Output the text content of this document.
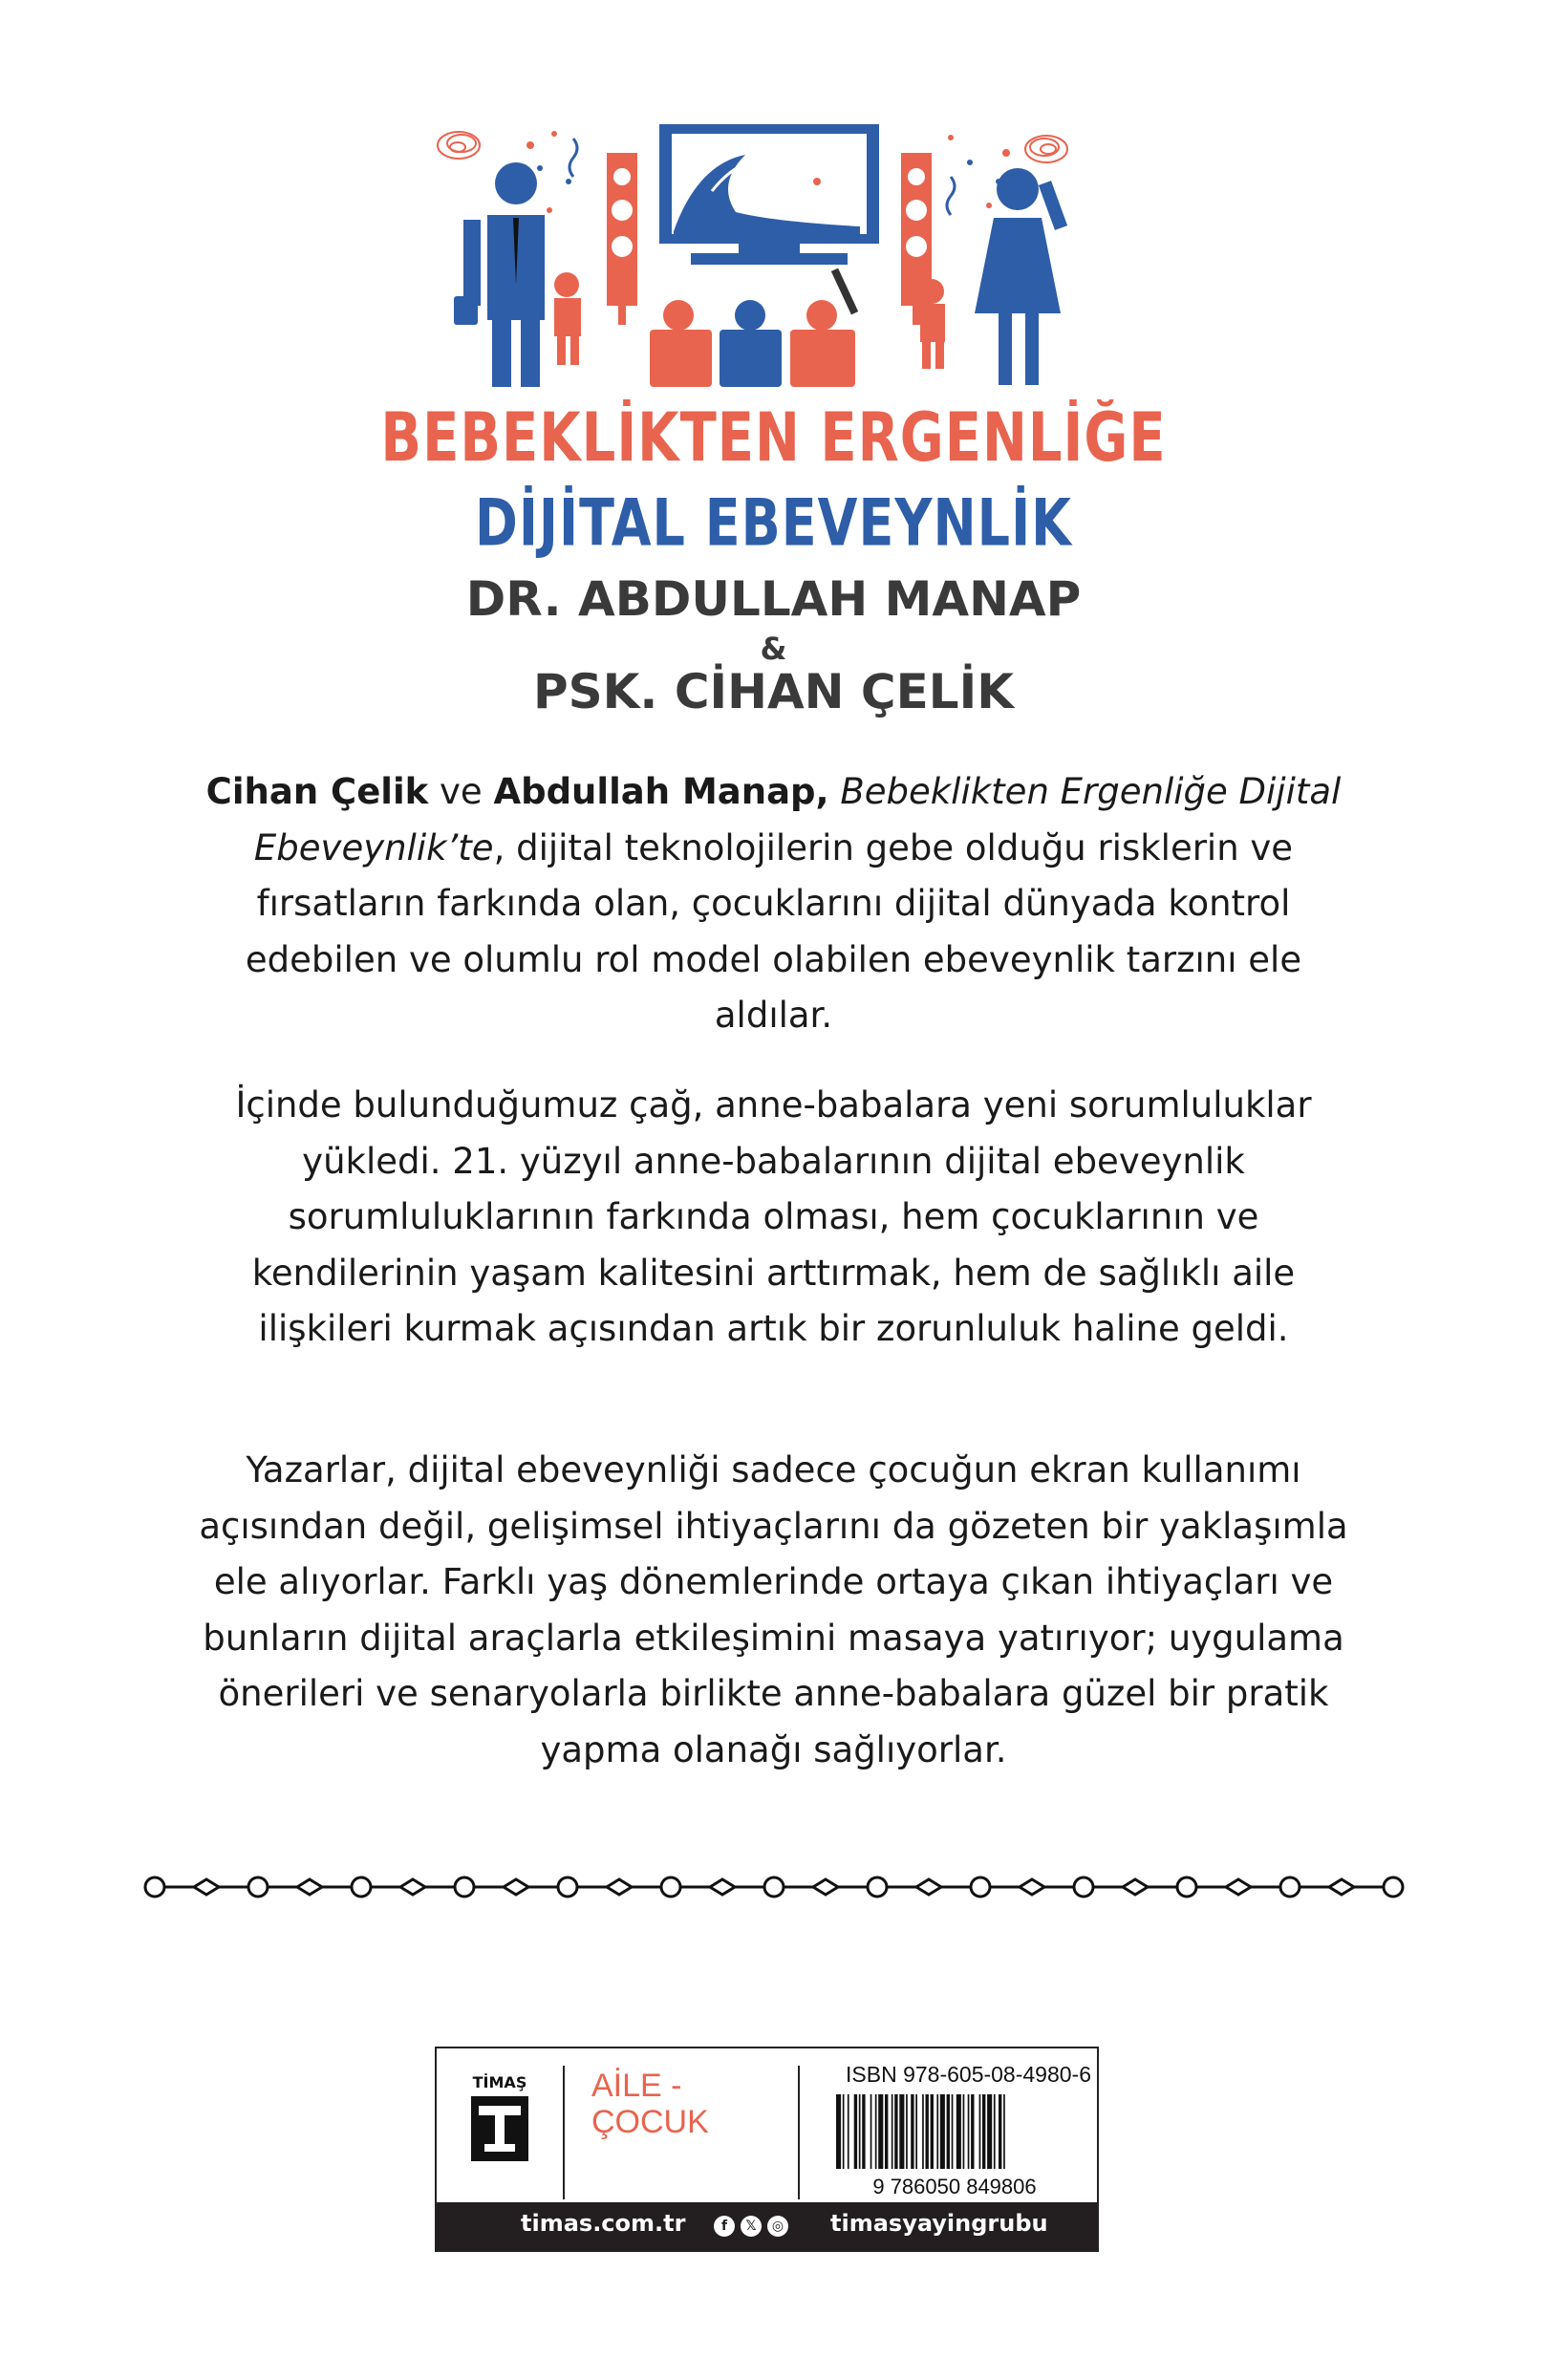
BEBEKLİKTEN ERGENLİĞE
DİJİTAL EBEVEYNLİK
DR. ABDULLAH MANAP
&
PSK. CİHAN ÇELİK

Cihan Çelik ve Abdullah Manap, Bebeklikten Ergenliğe Dijital Ebeveynlik’te, dijital teknolojilerin gebe olduğu risklerin ve fırsatların farkında olan, çocuklarını dijital dünyada kontrol edebilen ve olumlu rol model olabilen ebeveynlik tarzını ele aldılar.

İçinde bulunduğumuz çağ, anne-babalara yeni sorumluluklar yükledi. 21. yüzyıl anne-babalarının dijital ebeveynlik sorumluluklarının farkında olması, hem çocuklarının ve kendilerinin yaşam kalitesini arttırmak, hem de sağlıklı aile ilişkileri kurmak açısından artık bir zorunluluk haline geldi.

Yazarlar, dijital ebeveynliği sadece çocuğun ekran kullanımı açısından değil, gelişimsel ihtiyaçlarını da gözeten bir yaklaşımla ele alıyorlar. Farklı yaş dönemlerinde ortaya çıkan ihtiyaçları ve bunların dijital araçlarla etkileşimini masaya yatırıyor; uygulama önerileri ve senaryolarla birlikte anne-babalara güzel bir pratik yapma olanağı sağlıyorlar.

TİMAŞ AİLE - ÇOCUK
ISBN 978-605-08-4980-6
9 786050 849806
timas.com.tr	f	𝕏	◎ timasyayingrubu
